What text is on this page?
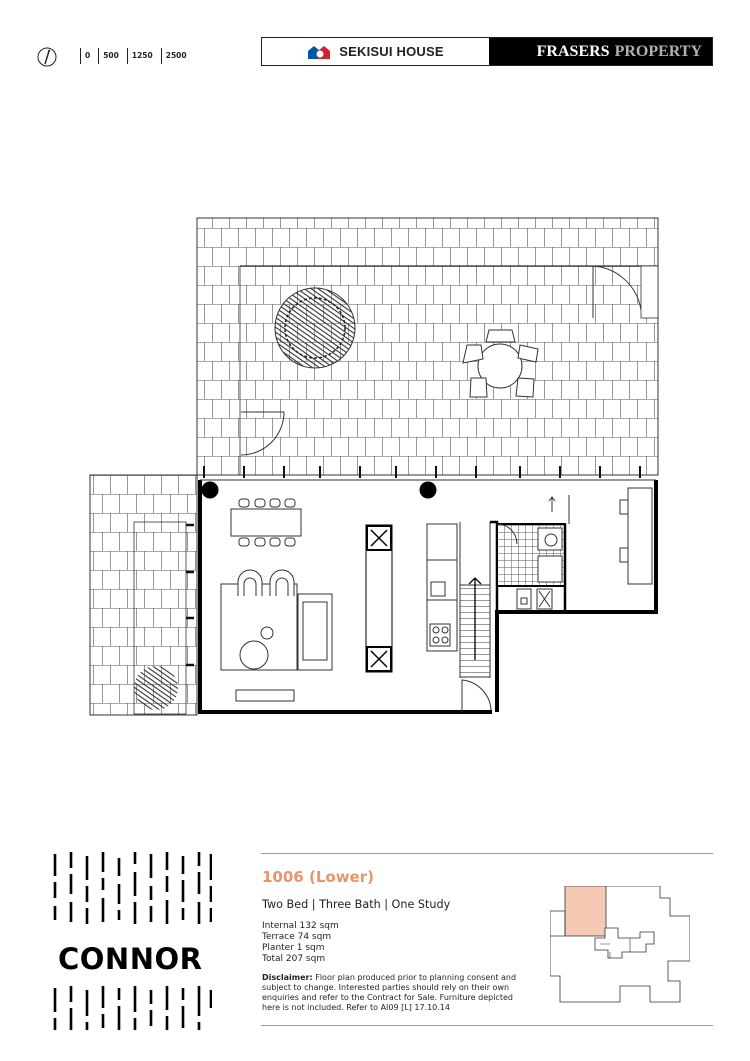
0	500	1250	2500	SEKISUI HOUSE	FRASERS PROPERTY
CONNOR
1006 (Lower)
Two Bed | Three Bath | One Study
Internal 132 sqm
Terrace 74 sqm
Planter 1 sqm
Total 207 sqm
Disclaimer: Floor plan produced prior to planning consent and subject to change. Interested parties should rely on their own enquiries and refer to the Contract for Sale. Furniture depicted here is not included. Refer to AI09 [L] 17.10.14
